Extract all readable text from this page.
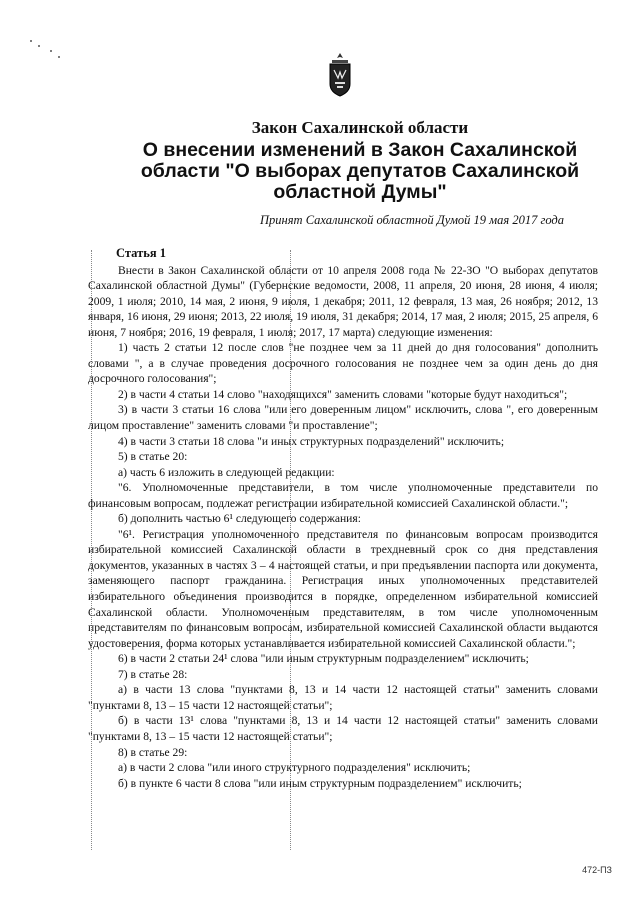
Закон Сахалинской области
О внесении изменений в Закон Сахалинской
области "О выборах депутатов Сахалинской
областной Думы"
Принят Сахалинской областной Думой 19 мая 2017 года

Статья 1

Внести в Закон Сахалинской области от 10 апреля 2008 года № 22-ЗО "О выборах депутатов Сахалинской областной Думы" (Губернские ведомости, 2008, 11 апреля, 20 июня, 28 июня, 4 июля; 2009, 1 июля; 2010, 14 мая, 2 июня, 9 июля, 1 декабря; 2011, 12 февраля, 13 мая, 26 ноября; 2012, 13 января, 16 июня, 29 июня; 2013, 22 июля, 19 июля, 31 декабря; 2014, 17 мая, 2 июля; 2015, 25 апреля, 6 июня, 7 ноября; 2016, 19 февраля, 1 июля; 2017, 17 марта) следующие изменения:

1) часть 2 статьи 12 после слов "не позднее чем за 11 дней до дня голосования" дополнить словами ", а в случае проведения досрочного голосования не позднее чем за один день до дня досрочного голосования";

2) в части 4 статьи 14 слово "находящихся" заменить словами "которые будут находиться";

3) в части 3 статьи 16 слова "или его доверенным лицом" исключить, слова ", его доверенным лицом проставление" заменить словами "и проставление";

4) в части 3 статьи 18 слова "и иных структурных подразделений" исключить;

5) в статье 20:

а) часть 6 изложить в следующей редакции:

"6. Уполномоченные представители, в том числе уполномоченные представители по финансовым вопросам, подлежат регистрации избирательной комиссией Сахалинской области.";

б) дополнить частью 6¹ следующего содержания:

"6¹. Регистрация уполномоченного представителя по финансовым вопросам производится избирательной комиссией Сахалинской области в трехдневный срок со дня представления документов, указанных в частях 3 – 4 настоящей статьи, и при предъявлении паспорта или документа, заменяющего паспорт гражданина. Регистрация иных уполномоченных представителей избирательного объединения производится в порядке, определенном избирательной комиссией Сахалинской области. Уполномоченным представителям, в том числе уполномоченным представителям по финансовым вопросам, избирательной комиссией Сахалинской области выдаются удостоверения, форма которых устанавливается избирательной комиссией Сахалинской области.";

6) в части 2 статьи 24¹ слова "или иным структурным подразделением" исключить;

7) в статье 28:

а) в части 13 слова "пунктами 8, 13 и 14 части 12 настоящей статьи" заменить словами "пунктами 8, 13 – 15 части 12 настоящей статьи";

б) в части 13¹ слова "пунктами 8, 13 и 14 части 12 настоящей статьи" заменить словами "пунктами 8, 13 – 15 части 12 настоящей статьи";

8) в статье 29:

а) в части 2 слова "или иного структурного подразделения" исключить;

б) в пункте 6 части 8 слова "или иным структурным подразделением" исключить;

472-ПЗ
